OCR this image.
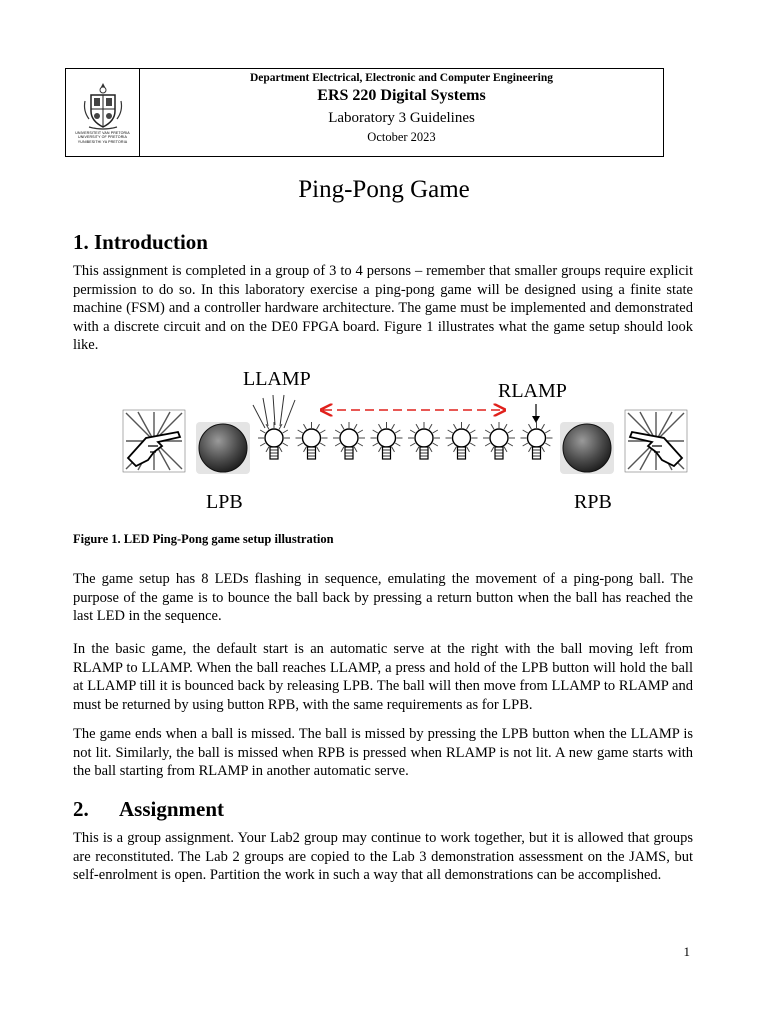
UNIVERSITEIT VAN PRETORIA
UNIVERSITY OF PRETORIA
YUNIBESITHI YA PRETORIA
Department Electrical, Electronic and Computer Engineering
ERS 220 Digital Systems
Laboratory 3 Guidelines
October 2023
Ping-Pong Game
1. Introduction

This assignment is completed in a group of 3 to 4 persons – remember that smaller groups require explicit permission to do so. In this laboratory exercise a ping-pong game will be designed using a finite state machine (FSM) and a controller hardware architecture. The game must be implemented and demonstrated with a discrete circuit and on the DE0 FPGA board. Figure 1 illustrates what the game setup should look like.

LLAMP
RLAMP
LPB	RPB
Figure 1. LED Ping-Pong game setup illustration

The game setup has 8 LEDs flashing in sequence, emulating the movement of a ping-pong ball. The purpose of the game is to bounce the ball back by pressing a return button when the ball has reached the last LED in the sequence.

In the basic game, the default start is an automatic serve at the right with the ball moving left from RLAMP to LLAMP. When the ball reaches LLAMP, a press and hold of the LPB button will hold the ball at LLAMP till it is bounced back by releasing LPB. The ball will then move from LLAMP to RLAMP and must be returned by using button RPB, with the same requirements as for LPB.

The game ends when a ball is missed. The ball is missed by pressing the LPB button when the LLAMP is not lit. Similarly, the ball is missed when RPB is pressed when RLAMP is not lit. A new game starts with the ball starting from RLAMP in another automatic serve.

2. Assignment

This is a group assignment. Your Lab2 group may continue to work together, but it is allowed that groups are reconstituted. The Lab 2 groups are copied to the Lab 3 demonstration assessment on the JAMS, but self-enrolment is open. Partition the work in such a way that all demonstrations can be accomplished.

1
